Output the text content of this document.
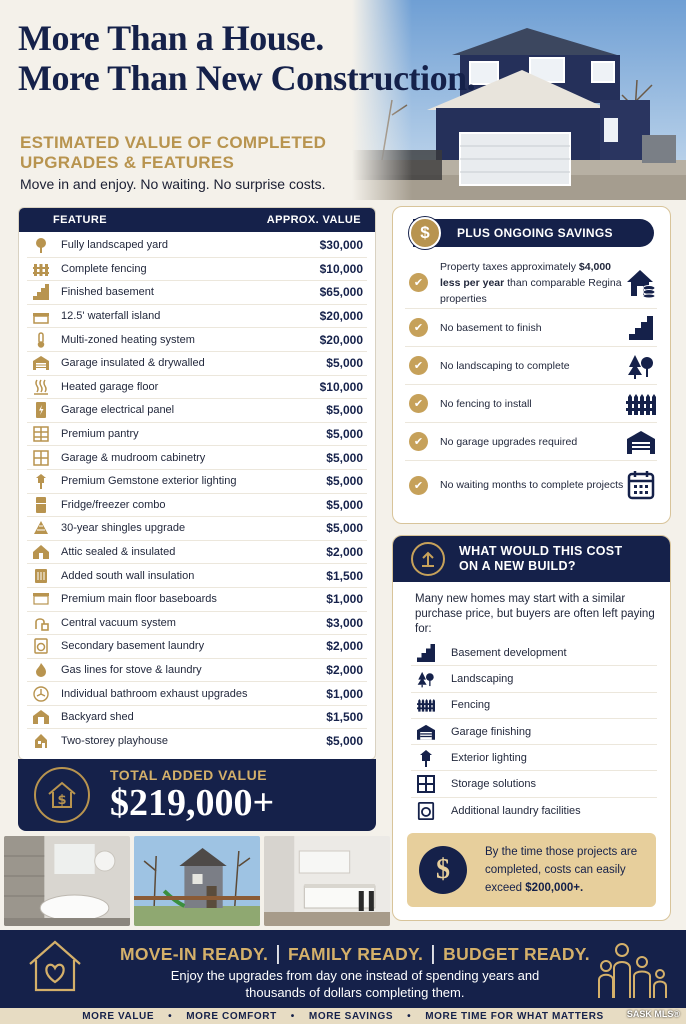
More Than a House.
More Than New Construction.
ESTIMATED VALUE OF COMPLETED UPGRADES & FEATURES
Move in and enjoy. No waiting. No surprise costs.
FEATURE	APPROX. VALUE
Fully landscaped yard	$30,000
Complete fencing	$10,000
Finished basement	$65,000
12.5' waterfall island	$20,000
Multi-zoned heating system	$20,000
Garage insulated & drywalled	$5,000
Heated garage floor	$10,000
Garage electrical panel	$5,000
Premium pantry	$5,000
Garage & mudroom cabinetry	$5,000
Premium Gemstone exterior lighting	$5,000
Fridge/freezer combo	$5,000
30-year shingles upgrade	$5,000
Attic sealed & insulated	$2,000
Added south wall insulation	$1,500
Premium main floor baseboards	$1,000
Central vacuum system	$3,000
Secondary basement laundry	$2,000
Gas lines for stove & laundry	$2,000
Individual bathroom exhaust upgrades	$1,000
Backyard shed	$1,500
Two-storey playhouse	$5,000
$
TOTAL ADDED VALUE
$219,000+
$	PLUS ONGOING SAVINGS
✔
Property taxes approximately $4,000 less per year than comparable Regina properties
✔	No basement to finish
✔	No landscaping to complete
✔	No fencing to install
✔	No garage upgrades required
✔	No waiting months to complete projects
WHAT WOULD THIS COST
ON A NEW BUILD?
Many new homes may start with a similar purchase price, but buyers are often left paying for:
Basement development
Landscaping
Fencing
Garage finishing
Exterior lighting
Storage solutions
Additional laundry facilities
$
By the time those projects are completed, costs can easily exceed $200,000+.
MOVE-IN READY. | FAMILY READY. | BUDGET READY.
Enjoy the upgrades from day one instead of spending years and thousands of dollars completing them.
MORE VALUE • MORE COMFORT • MORE SAVINGS • MORE TIME FOR WHAT MATTERS	SASK MLS®
